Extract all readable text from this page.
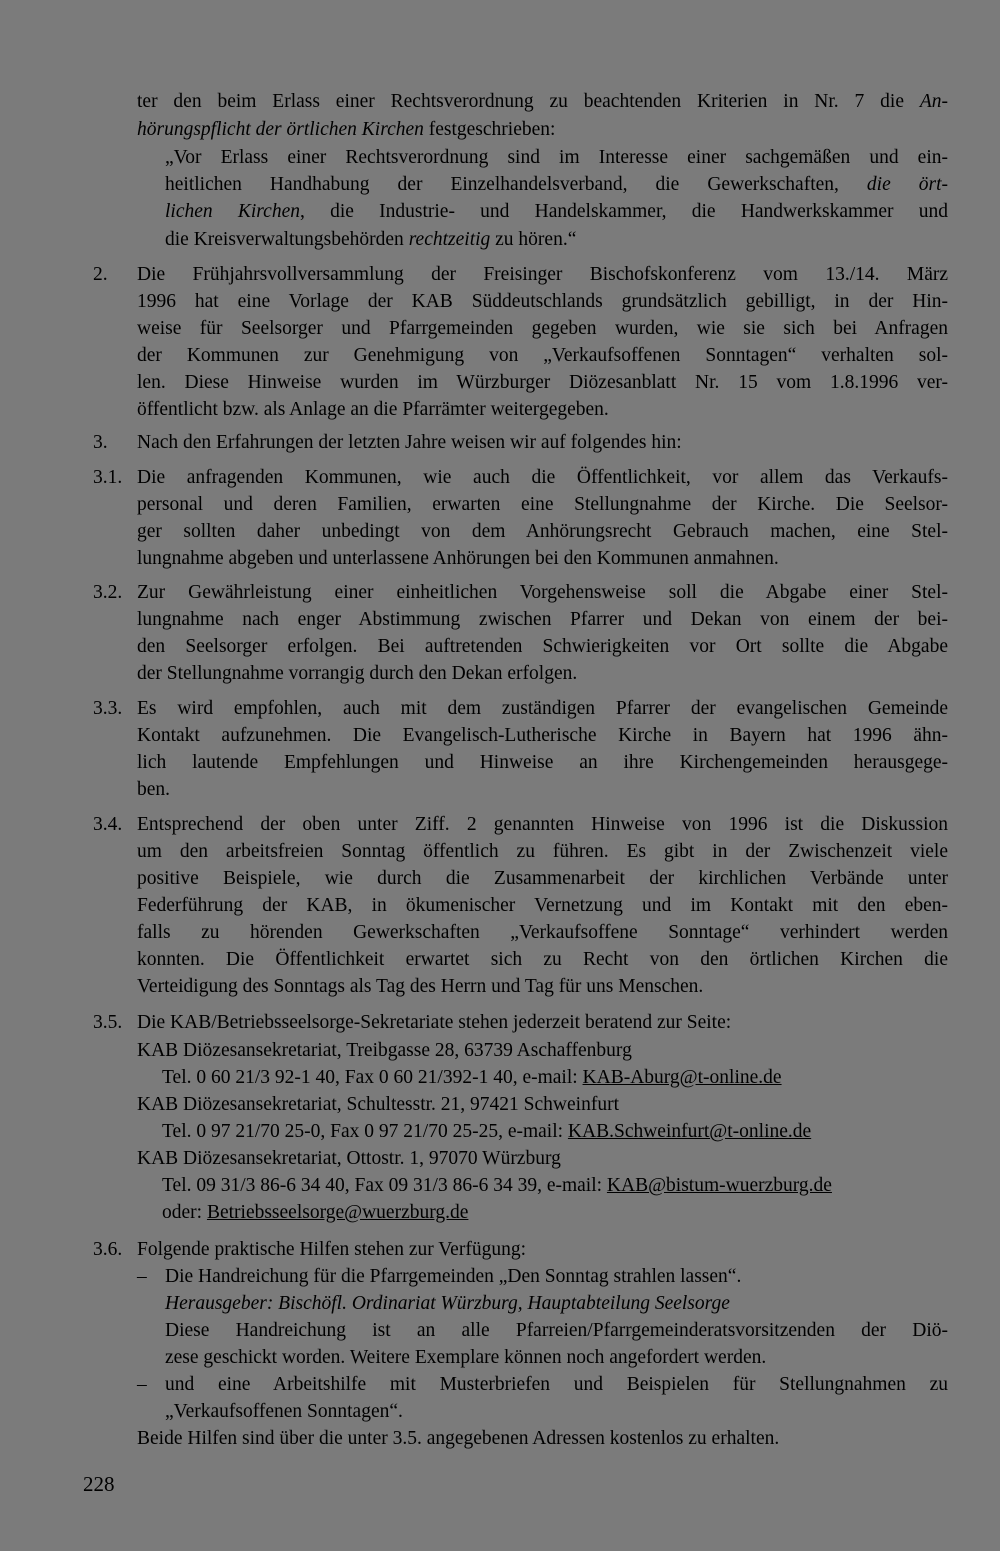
ter den beim Erlass einer Rechtsverordnung zu beachtenden Kriterien in Nr. 7 die An-
hörungspflicht der örtlichen Kirchen festgeschrieben:
„Vor Erlass einer Rechtsverordnung sind im Interesse einer sachgemäßen und ein-
heitlichen Handhabung der Einzelhandelsverband, die Gewerkschaften, die ört-
lichen Kirchen, die Industrie- und Handelskammer, die Handwerkskammer und
die Kreisverwaltungsbehörden rechtzeitig zu hören.“
2. Die Frühjahrsvollversammlung der Freisinger Bischofskonferenz vom 13./14. März
1996 hat eine Vorlage der KAB Süddeutschlands grundsätzlich gebilligt, in der Hin-
weise für Seelsorger und Pfarrgemeinden gegeben wurden, wie sie sich bei Anfragen
der Kommunen zur Genehmigung von „Verkaufsoffenen Sonntagen“ verhalten sol-
len. Diese Hinweise wurden im Würzburger Diözesanblatt Nr. 15 vom 1.8.1996 ver-
öffentlicht bzw. als Anlage an die Pfarrämter weitergegeben.
3. Nach den Erfahrungen der letzten Jahre weisen wir auf folgendes hin:
3.1. Die anfragenden Kommunen, wie auch die Öffentlichkeit, vor allem das Verkaufs-
personal und deren Familien, erwarten eine Stellungnahme der Kirche. Die Seelsor-
ger sollten daher unbedingt von dem Anhörungsrecht Gebrauch machen, eine Stel-
lungnahme abgeben und unterlassene Anhörungen bei den Kommunen anmahnen.
3.2. Zur Gewährleistung einer einheitlichen Vorgehensweise soll die Abgabe einer Stel-
lungnahme nach enger Abstimmung zwischen Pfarrer und Dekan von einem der bei-
den Seelsorger erfolgen. Bei auftretenden Schwierigkeiten vor Ort sollte die Abgabe
der Stellungnahme vorrangig durch den Dekan erfolgen.
3.3. Es wird empfohlen, auch mit dem zuständigen Pfarrer der evangelischen Gemeinde
Kontakt aufzunehmen. Die Evangelisch-Lutherische Kirche in Bayern hat 1996 ähn-
lich lautende Empfehlungen und Hinweise an ihre Kirchengemeinden herausgege-
ben.
3.4. Entsprechend der oben unter Ziff. 2 genannten Hinweise von 1996 ist die Diskussion
um den arbeitsfreien Sonntag öffentlich zu führen. Es gibt in der Zwischenzeit viele
positive Beispiele, wie durch die Zusammenarbeit der kirchlichen Verbände unter
Federführung der KAB, in ökumenischer Vernetzung und im Kontakt mit den eben-
falls zu hörenden Gewerkschaften „Verkaufsoffene Sonntage“ verhindert werden
konnten. Die Öffentlichkeit erwartet sich zu Recht von den örtlichen Kirchen die
Verteidigung des Sonntags als Tag des Herrn und Tag für uns Menschen.
3.5. Die KAB/Betriebsseelsorge-Sekretariate stehen jederzeit beratend zur Seite:
KAB Diözesansekretariat, Treibgasse 28, 63739 Aschaffenburg
Tel. 0 60 21/3 92-1 40, Fax 0 60 21/392-1 40, e-mail: KAB-Aburg@t-online.de
KAB Diözesansekretariat, Schultesstr. 21, 97421 Schweinfurt
Tel. 0 97 21/70 25-0, Fax 0 97 21/70 25-25, e-mail: KAB.Schweinfurt@t-online.de
KAB Diözesansekretariat, Ottostr. 1, 97070 Würzburg
Tel. 09 31/3 86-6 34 40, Fax 09 31/3 86-6 34 39, e-mail: KAB@bistum-wuerzburg.de
oder: Betriebsseelsorge@wuerzburg.de
3.6. Folgende praktische Hilfen stehen zur Verfügung:
– Die Handreichung für die Pfarrgemeinden „Den Sonntag strahlen lassen“.
Herausgeber: Bischöfl. Ordinariat Würzburg, Hauptabteilung Seelsorge
Diese Handreichung ist an alle Pfarreien/Pfarrgemeinderatsvorsitzenden der Diö-
zese geschickt worden. Weitere Exemplare können noch angefordert werden.
– und eine Arbeitshilfe mit Musterbriefen und Beispielen für Stellungnahmen zu
„Verkaufsoffenen Sonntagen“.
Beide Hilfen sind über die unter 3.5. angegebenen Adressen kostenlos zu erhalten.
228
